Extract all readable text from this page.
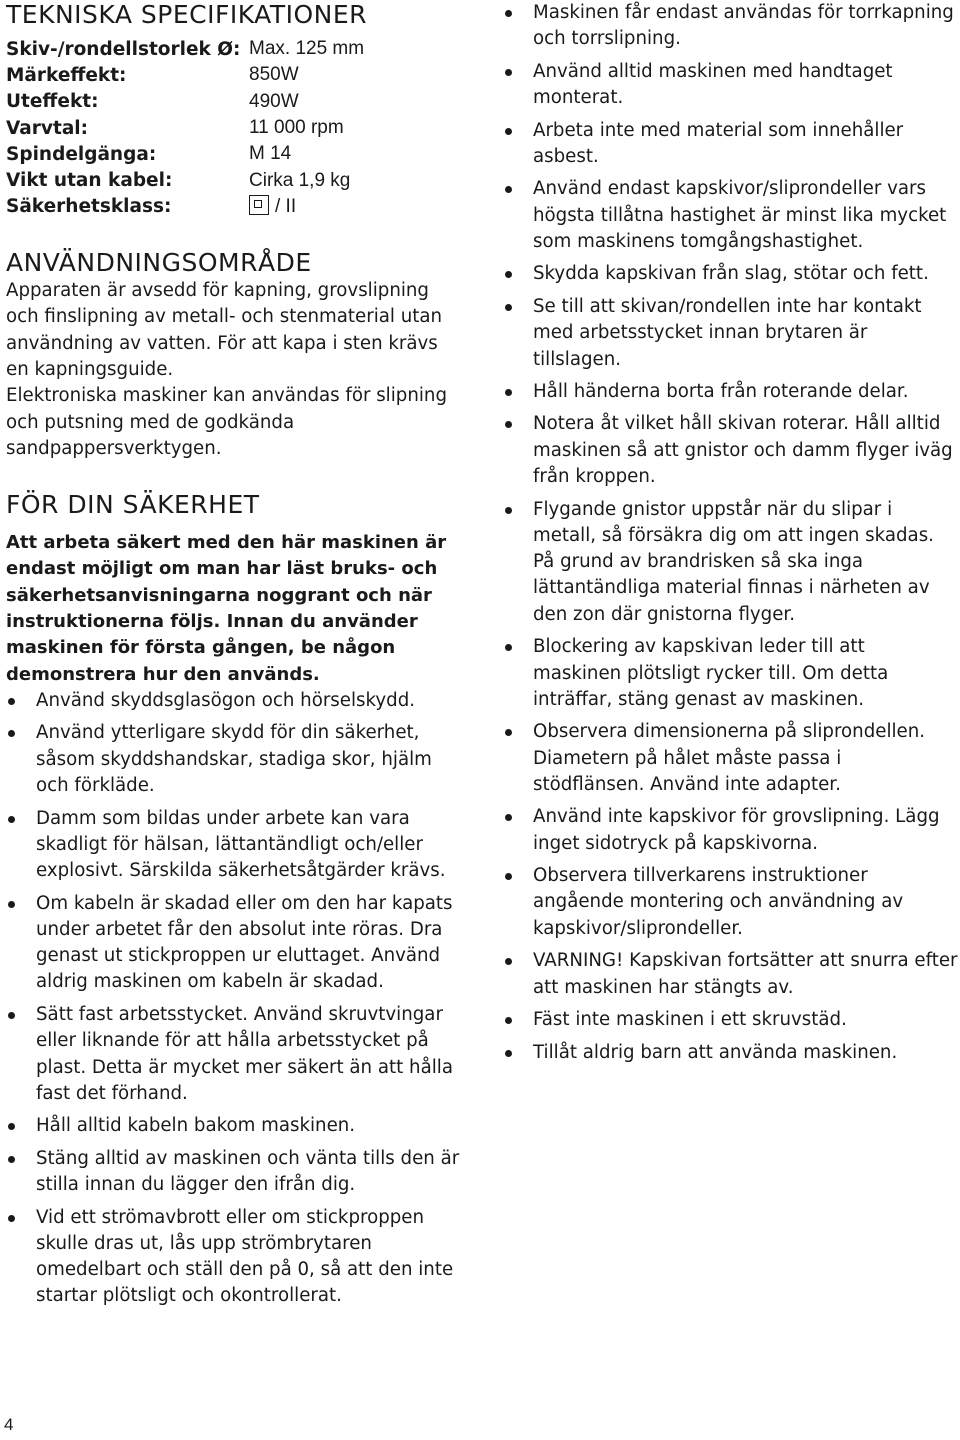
TEKNISKA SPECIFIKATIONER
Skiv-/rondellstorlek Ø: Max. 125 mm
Märkeffekt:	850W
Uteffekt:	490W
Varvtal:	11 000 rpm
Spindelgänga:	M 14
Vikt utan kabel:	Cirka 1,9 kg
Säkerhetsklass:	/ II
ANVÄNDNINGSOMRÅDE

Apparaten är avsedd för kapning, grovslipning och finslipning av metall- och stenmaterial utan användning av vatten. För att kapa i sten krävs en kapningsguide.

Elektroniska maskiner kan användas för slipning och putsning med de godkända sandpappersverktygen.

FÖR DIN SÄKERHET

Att arbeta säkert med den här maskinen är endast möjligt om man har läst bruks- och säkerhetsanvisningarna noggrant och när instruktionerna följs. Innan du använder maskinen för första gången, be någon demonstrera hur den används.

Använd skyddsglasögon och hörselskydd.
Använd ytterligare skydd för din säkerhet, såsom skyddshandskar, stadiga skor, hjälm och förkläde.
Damm som bildas under arbete kan vara skadligt för hälsan, lättantändligt och/eller explosivt. Särskilda säkerhetsåtgärder krävs.
Om kabeln är skadad eller om den har kapats under arbetet får den absolut inte röras. Dra genast ut stickproppen ur eluttaget. Använd aldrig maskinen om kabeln är skadad.
Sätt fast arbetsstycket. Använd skruvtvingar eller liknande för att hålla arbetsstycket på plast. Detta är mycket mer säkert än att hålla fast det förhand.
Håll alltid kabeln bakom maskinen.
Stäng alltid av maskinen och vänta tills den är stilla innan du lägger den ifrån dig.
Vid ett strömavbrott eller om stickproppen skulle dras ut, lås upp strömbrytaren omedelbart och ställ den på 0, så att den inte startar plötsligt och okontrollerat.
Maskinen får endast användas för torrkapning och torrslipning.
Använd alltid maskinen med handtaget monterat.
Arbeta inte med material som innehåller asbest.
Använd endast kapskivor/sliprondeller vars högsta tillåtna hastighet är minst lika mycket som maskinens tomgångshastighet.
Skydda kapskivan från slag, stötar och fett.
Se till att skivan/rondellen inte har kontakt med arbetsstycket innan brytaren är tillslagen.
Håll händerna borta från roterande delar.
Notera åt vilket håll skivan roterar. Håll alltid maskinen så att gnistor och damm flyger iväg från kroppen.
Flygande gnistor uppstår när du slipar i metall, så försäkra dig om att ingen skadas. På grund av brandrisken så ska inga lättantändliga material finnas i närheten av den zon där gnistorna flyger.
Blockering av kapskivan leder till att maskinen plötsligt rycker till. Om detta inträffar, stäng genast av maskinen.
Observera dimensionerna på sliprondellen. Diametern på hålet måste passa i stödflänsen. Använd inte adapter.
Använd inte kapskivor för grovslipning. Lägg inget sidotryck på kapskivorna.
Observera tillverkarens instruktioner angående montering och användning av kapskivor/sliprondeller.
VARNING! Kapskivan fortsätter att snurra efter att maskinen har stängts av.
Fäst inte maskinen i ett skruvstäd.
Tillåt aldrig barn att använda maskinen.
4
